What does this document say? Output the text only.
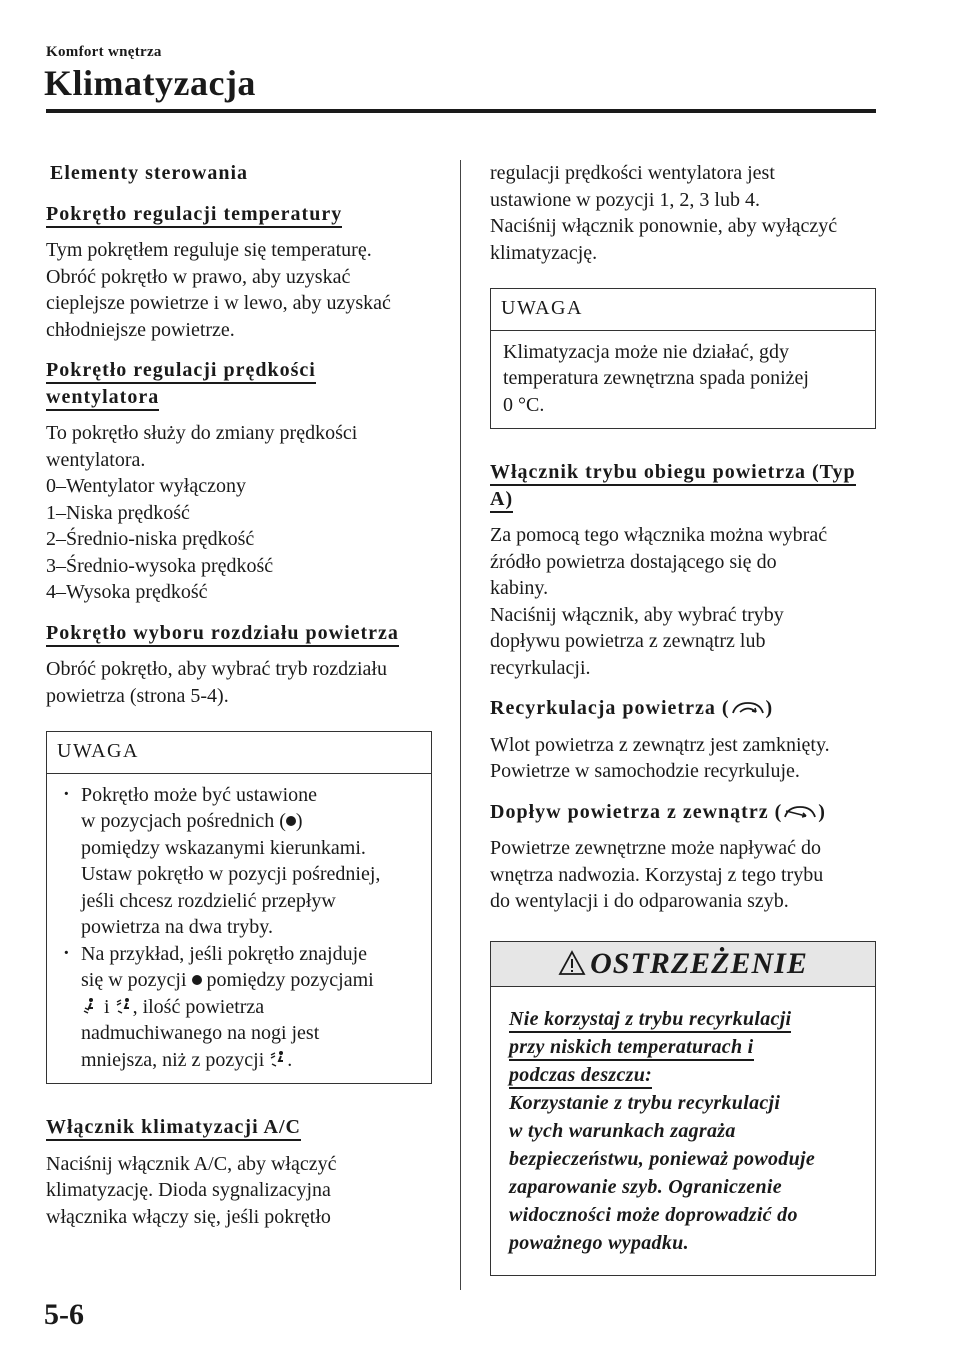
Komfort wnętrza
Klimatyzacja
Elementy sterowania
Pokrętło regulacji temperatury

Tym pokrętłem reguluje się temperaturę.

Obróć pokrętło w prawo, aby uzyskać

cieplejsze powietrze i w lewo, aby uzyskać

chłodniejsze powietrze.

Pokrętło regulacji prędkości
wentylatora

To pokrętło służy do zmiany prędkości

wentylatora.

0–Wentylator wyłączony

1–Niska prędkość

2–Średnio-niska prędkość

3–Średnio-wysoka prędkość

4–Wysoka prędkość

Pokrętło wyboru rozdziału powietrza

Obróć pokrętło, aby wybrać tryb rozdziału

powietrza (strona 5-4).

UWAGA
· Pokrętło może być ustawione
w pozycjach pośrednich ( )
pomiędzy wskazanymi kierunkami.
Ustaw pokrętło w pozycji pośredniej,
jeśli chcesz rozdzielić przepływ
powietrza na dwa tryby.
· Na przykład, jeśli pokrętło znajduje
się w pozycji pomiędzy pozycjami
i , ilość powietrza
nadmuchiwanego na nogi jest
mniejsza, niż z pozycji .
Włącznik klimatyzacji A/C

Naciśnij włącznik A/C, aby włączyć

klimatyzację. Dioda sygnalizacyjna

włącznika włączy się, jeśli pokrętło

regulacji prędkości wentylatora jest

ustawione w pozycji 1, 2, 3 lub 4.

Naciśnij włącznik ponownie, aby wyłączyć

klimatyzację.

UWAGA
Klimatyzacja może nie działać, gdy
temperatura zewnętrzna spada poniżej
0 °C.
Włącznik trybu obiegu powietrza (Typ
A)

Za pomocą tego włącznika można wybrać

źródło powietrza dostającego się do

kabiny.

Naciśnij włącznik, aby wybrać tryby

dopływu powietrza z zewnątrz lub

recyrkulacji.

Recyrkulacja powietrza ( )

Wlot powietrza z zewnątrz jest zamknięty.

Powietrze w samochodzie recyrkuluje.

Dopływ powietrza z zewnątrz ( )

Powietrze zewnętrzne może napływać do

wnętrza nadwozia. Korzystaj z tego trybu

do wentylacji i do odparowania szyb.

OSTRZEŻENIE
Nie korzystaj z trybu recyrkulacji
przy niskich temperaturach i
podczas deszczu:
Korzystanie z trybu recyrkulacji
w tych warunkach zagraża
bezpieczeństwu, ponieważ powoduje
zaparowanie szyb. Ograniczenie
widoczności może doprowadzić do
poważnego wypadku.
5-6
